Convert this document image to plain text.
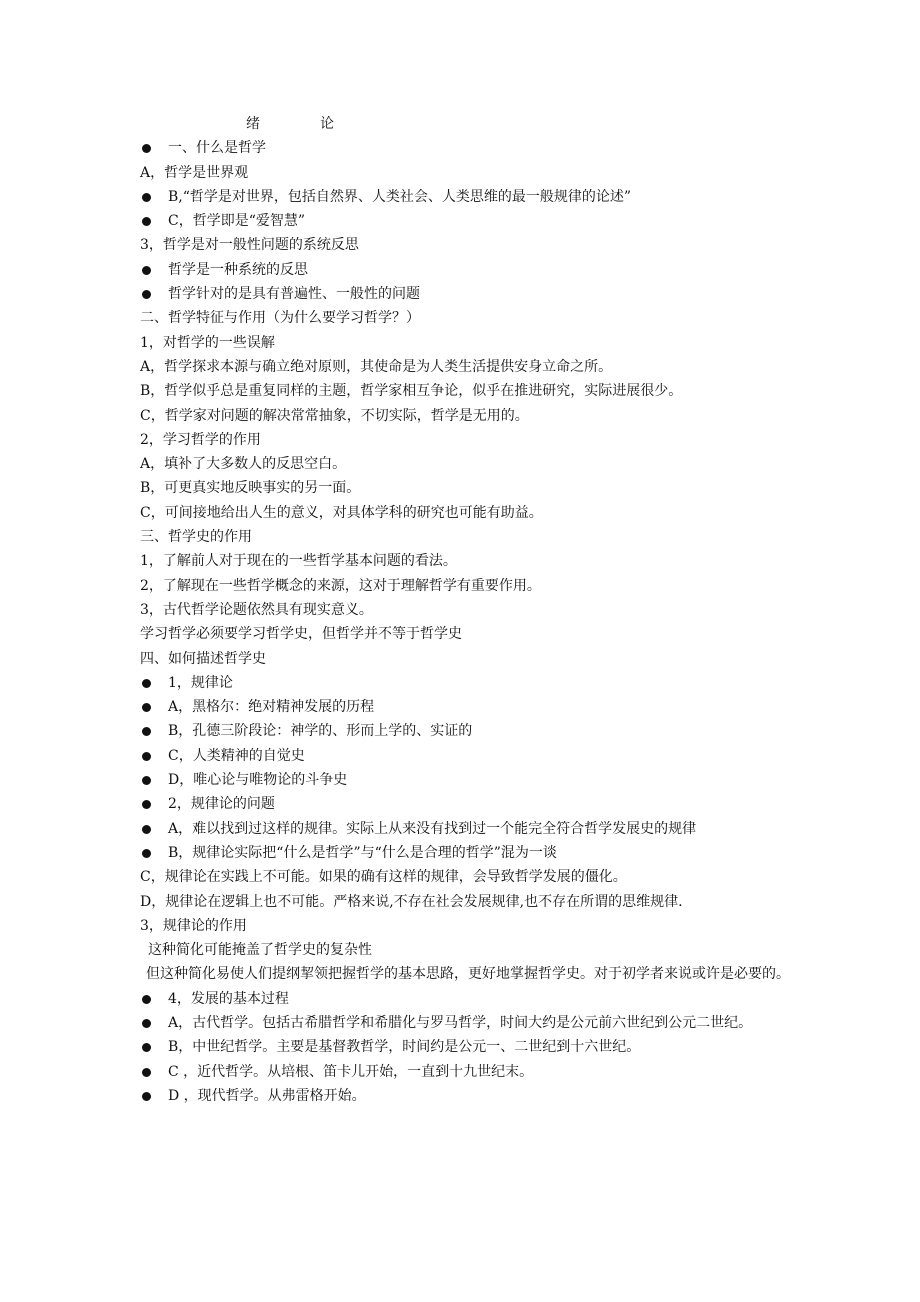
绪	论
一、什么是哲学
A，哲学是世界观
B,“哲学是对世界，包括自然界、人类社会、人类思维的最一般规律的论述”
C，哲学即是“爱智慧”
3，哲学是对一般性问题的系统反思
哲学是一种系统的反思
哲学针对的是具有普遍性、一般性的问题
二、哲学特征与作用（为什么要学习哲学？）
1，对哲学的一些误解
A，哲学探求本源与确立绝对原则，其使命是为人类生活提供安身立命之所。
B，哲学似乎总是重复同样的主题，哲学家相互争论，似乎在推进研究，实际进展很少。
C，哲学家对问题的解决常常抽象，不切实际，哲学是无用的。
2，学习哲学的作用
A，填补了大多数人的反思空白。
B，可更真实地反映事实的另一面。
C，可间接地给出人生的意义，对具体学科的研究也可能有助益。
三、哲学史的作用
1，了解前人对于现在的一些哲学基本问题的看法。
2，了解现在一些哲学概念的来源，这对于理解哲学有重要作用。
3，古代哲学论题依然具有现实意义。
学习哲学必须要学习哲学史，但哲学并不等于哲学史
四、如何描述哲学史
1，规律论
A，黑格尔：绝对精神发展的历程
B，孔德三阶段论：神学的、形而上学的、实证的
C，人类精神的自觉史
D，唯心论与唯物论的斗争史
2，规律论的问题
A，难以找到过这样的规律。实际上从来没有找到过一个能完全符合哲学发展史的规律
B，规律论实际把“什么是哲学”与“什么是合理的哲学”混为一谈
C，规律论在实践上不可能。如果的确有这样的规律，会导致哲学发展的僵化。
D，规律论在逻辑上也不可能。严格来说,不存在社会发展规律,也不存在所谓的思维规律.
3，规律论的作用
这种简化可能掩盖了哲学史的复杂性
但这种简化易使人们提纲挈领把握哲学的基本思路，更好地掌握哲学史。对于初学者来说或许是必要的。
4，发展的基本过程
A，古代哲学。包括古希腊哲学和希腊化与罗马哲学，时间大约是公元前六世纪到公元二世纪。
B，中世纪哲学。主要是基督教哲学，时间约是公元一、二世纪到十六世纪。
C ，近代哲学。从培根、笛卡儿开始，一直到十九世纪末。
D ，现代哲学。从弗雷格开始。
